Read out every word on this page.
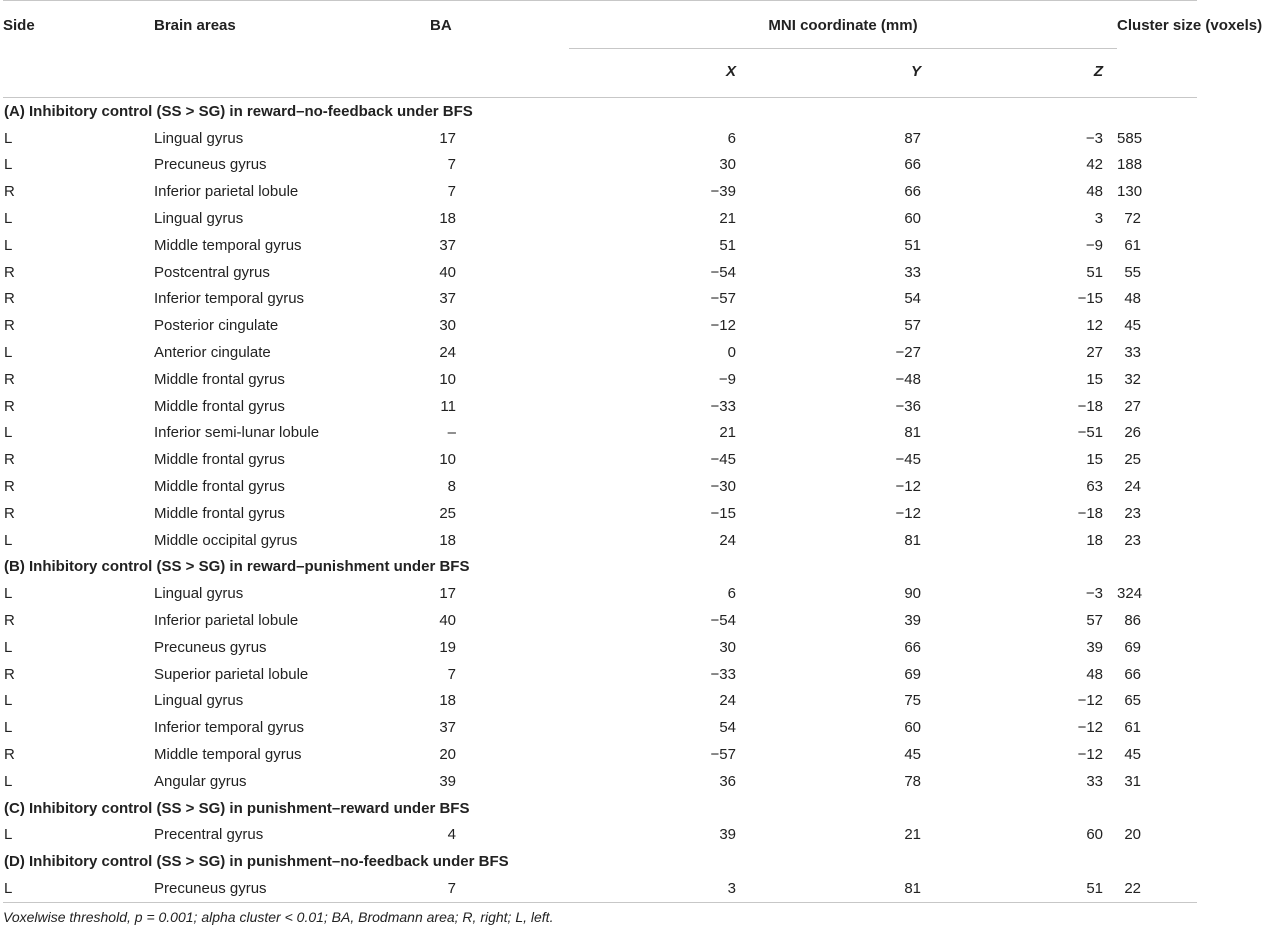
Side	Brain areas	BA	MNI coordinate (mm)			Cluster size (voxels)
			X	Y	Z	
(A) Inhibitory control (SS > SG) in reward–no-feedback under BFS						
L	Lingual gyrus	17	6	87	−3	585
L	Precuneus gyrus	7	30	66	42	188
R	Inferior parietal lobule	7	−39	66	48	130
L	Lingual gyrus	18	21	60	3	72
L	Middle temporal gyrus	37	51	51	−9	61
R	Postcentral gyrus	40	−54	33	51	55
R	Inferior temporal gyrus	37	−57	54	−15	48
R	Posterior cingulate	30	−12	57	12	45
L	Anterior cingulate	24	0	−27	27	33
R	Middle frontal gyrus	10	−9	−48	15	32
R	Middle frontal gyrus	11	−33	−36	−18	27
L	Inferior semi-lunar lobule	–	21	81	−51	26
R	Middle frontal gyrus	10	−45	−45	15	25
R	Middle frontal gyrus	8	−30	−12	63	24
R	Middle frontal gyrus	25	−15	−12	−18	23
L	Middle occipital gyrus	18	24	81	18	23
(B) Inhibitory control (SS > SG) in reward–punishment under BFS						
L	Lingual gyrus	17	6	90	−3	324
R	Inferior parietal lobule	40	−54	39	57	86
L	Precuneus gyrus	19	30	66	39	69
R	Superior parietal lobule	7	−33	69	48	66
L	Lingual gyrus	18	24	75	−12	65
L	Inferior temporal gyrus	37	54	60	−12	61
R	Middle temporal gyrus	20	−57	45	−12	45
L	Angular gyrus	39	36	78	33	31
(C) Inhibitory control (SS > SG) in punishment–reward under BFS						
L	Precentral gyrus	4	39	21	60	20
(D) Inhibitory control (SS > SG) in punishment–no-feedback under BFS						
L	Precuneus gyrus	7	3	81	51	22
Voxelwise threshold, p = 0.001; alpha cluster < 0.01; BA, Brodmann area; R, right; L, left.						
